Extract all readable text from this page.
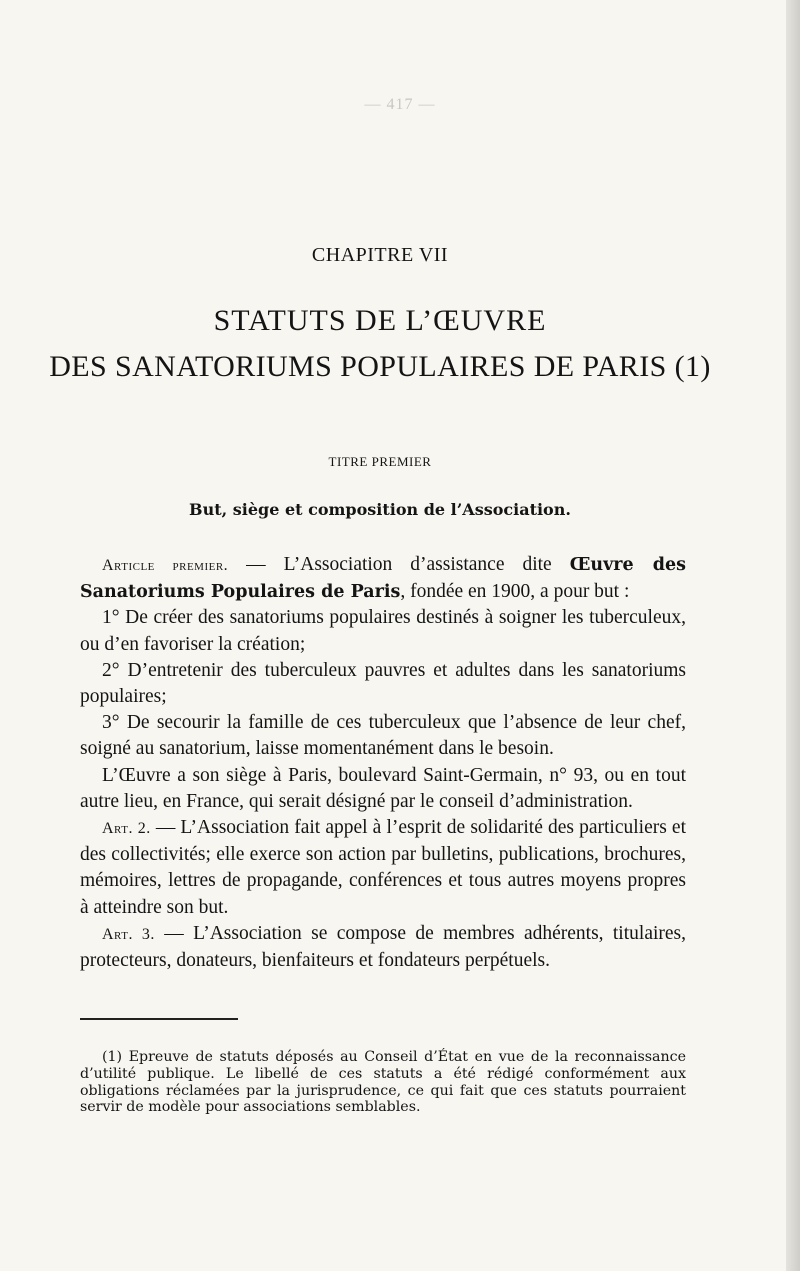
— 417 —
CHAPITRE VII
STATUTS DE L’ŒUVRE
DES SANATORIUMS POPULAIRES DE PARIS (1)
TITRE PREMIER
But, siège et composition de l’Association.

Article premier. — L’Association d’assistance dite Œuvre des Sanatoriums Populaires de Paris, fondée en 1900, a pour but :

1° De créer des sanatoriums populaires destinés à soigner les tuberculeux, ou d’en favoriser la création;

2° D’entretenir des tuberculeux pauvres et adultes dans les sanatoriums populaires;

3° De secourir la famille de ces tuberculeux que l’absence de leur chef, soigné au sanatorium, laisse momentanément dans le besoin.

L’Œuvre a son siège à Paris, boulevard Saint-Germain, n° 93, ou en tout autre lieu, en France, qui serait désigné par le conseil d’administration.

Art. 2. — L’Association fait appel à l’esprit de solidarité des particuliers et des collectivités; elle exerce son action par bulletins, publications, brochures, mémoires, lettres de propagande, conférences et tous autres moyens propres à atteindre son but.

Art. 3. — L’Association se compose de membres adhérents, titulaires, protecteurs, donateurs, bienfaiteurs et fondateurs perpétuels.

(1) Epreuve de statuts déposés au Conseil d’État en vue de la reconnaissance d’utilité publique. Le libellé de ces statuts a été rédigé conformément aux obligations réclamées par la jurisprudence, ce qui fait que ces statuts pourraient servir de modèle pour associations semblables.
